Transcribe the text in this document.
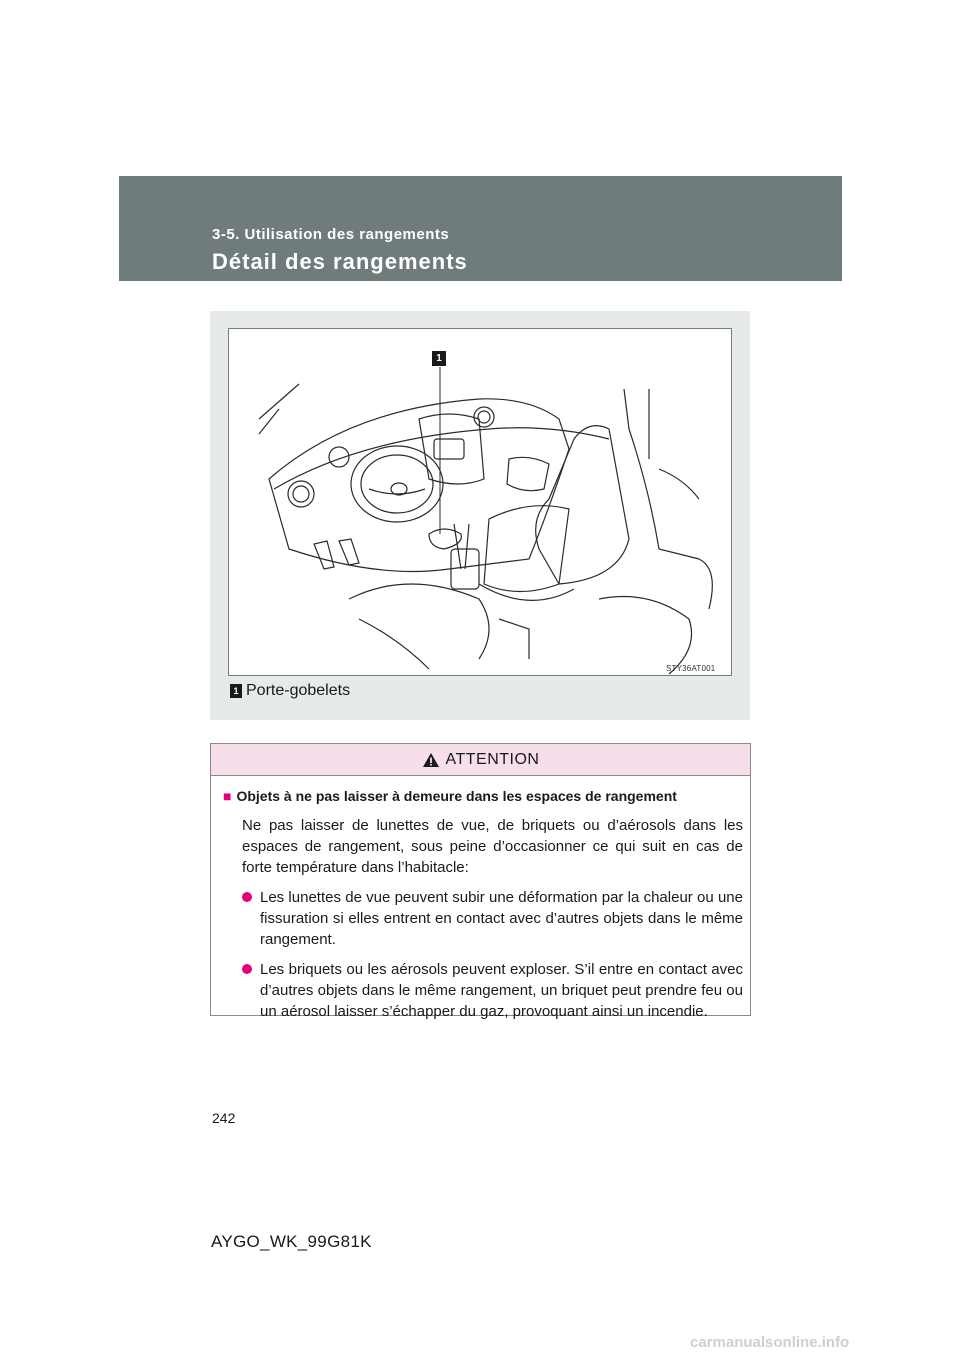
3-5. Utilisation des rangements
Détail des rangements
1
STY36AT001
1 Porte-gobelets
ATTENTION
■ Objets à ne pas laisser à demeure dans les espaces de rangement

Ne pas laisser de lunettes de vue, de briquets ou d’aérosols dans les espaces de rangement, sous peine d’occasionner ce qui suit en cas de forte température dans l’habitacle:

Les lunettes de vue peuvent subir une déformation par la chaleur ou une fissuration si elles entrent en contact avec d’autres objets dans le même rangement.
Les briquets ou les aérosols peuvent exploser. S’il entre en contact avec d’autres objets dans le même rangement, un briquet peut prendre feu ou un aérosol laisser s’échapper du gaz, provoquant ainsi un incendie.
242
AYGO_WK_99G81K
carmanualsonline.info
